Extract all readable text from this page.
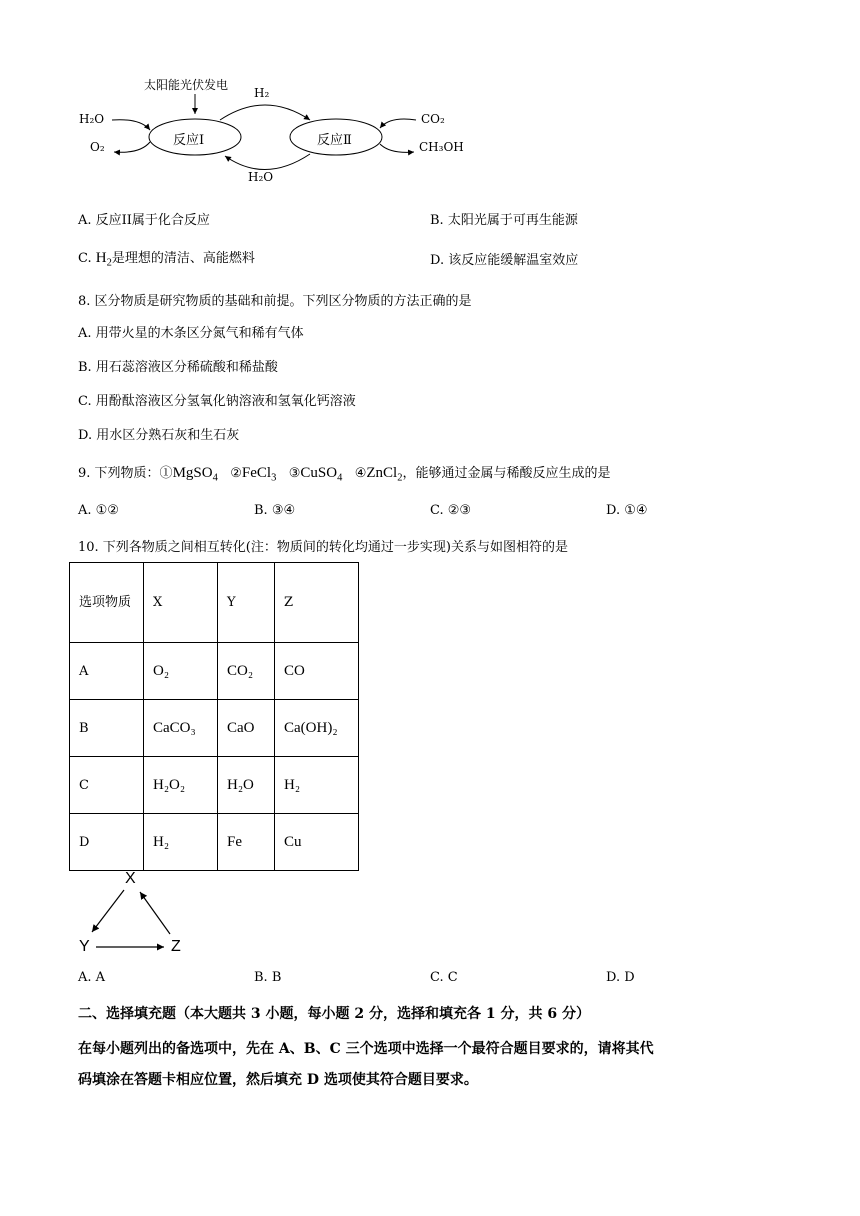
太阳能光伏发电
H₂O
O₂	反应Ⅰ	反应Ⅱ
H₂
H₂O
CO₂
CH₃OH
A. 反应II属于化合反应	B. 太阳光属于可再生能源
C. $H_2$是理想的清洁、高能燃料	D. 该反应能缓解温室效应
8. 区分物质是研究物质的基础和前提。下列区分物质的方法正确的是
A. 用带火星的木条区分氮气和稀有气体
B. 用石蕊溶液区分稀硫酸和稀盐酸
C. 用酚酞溶液区分氢氧化钠溶液和氢氧化钙溶液
D. 用水区分熟石灰和生石灰
9. 下列物质：①MgSO$_4$ ②FeCl$_3$ ③CuSO$_4$ ④ZnCl$_2$，能够通过金属与稀酸反应生成的是
A. ①②	B. ③④	C. ②③	D. ①④
10. 下列各物质之间相互转化(注：物质间的转化均通过一步实现)关系与如图相符的是
选项物质	X	Y	Z
A	O₂	CO₂	CO
B	CaCO₃	CaO	Ca(OH)₂
C	H₂O₂	H₂O	H₂
D	H₂	Fe	Cu
X
Y	Z
A. A	B. B	C. C	D. D
二、选择填充题（本大题共 3 小题，每小题 2 分，选择和填充各 1 分，共 6 分）
在每小题列出的备选项中，先在 A、B、C 三个选项中选择一个最符合题目要求的，请将其代
码填涂在答题卡相应位置，然后填充 D 选项使其符合题目要求。
